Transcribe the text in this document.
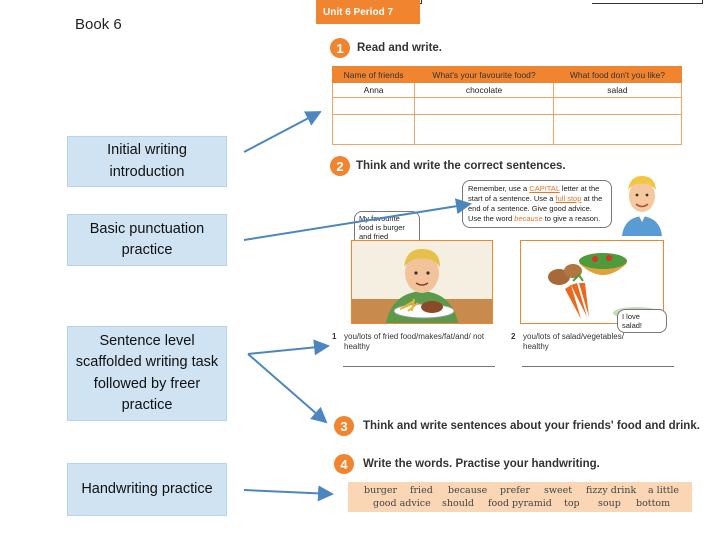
Book 6
Initial writing introduction
Basic punctuation practice
Sentence level scaffolded writing task followed by freer practice
Handwriting practice
Unit 6 Period 7
1	Read and write.
Name of friends	What's your favourite food?	What food don't you like?
Anna	chocolate	salad

2	Think and write the correct sentences.
Remember, use a CAPITAL letter at the start of a sentence. Use a full stop at the end of a sentence. Give good advice. Use the word because to give a reason.
My favourite food is burger and fried
I love salad!
1 you/lots of fried food/makes/fat/and/ not healthy
2 you/lots of salad/vegetables/ healthy
3	Think and write sentences about your friends' food and drink.
4	Write the words. Practise your handwriting.
burger fried because prefer sweet fizzy drink a little
good advice should food pyramid top soup bottom
